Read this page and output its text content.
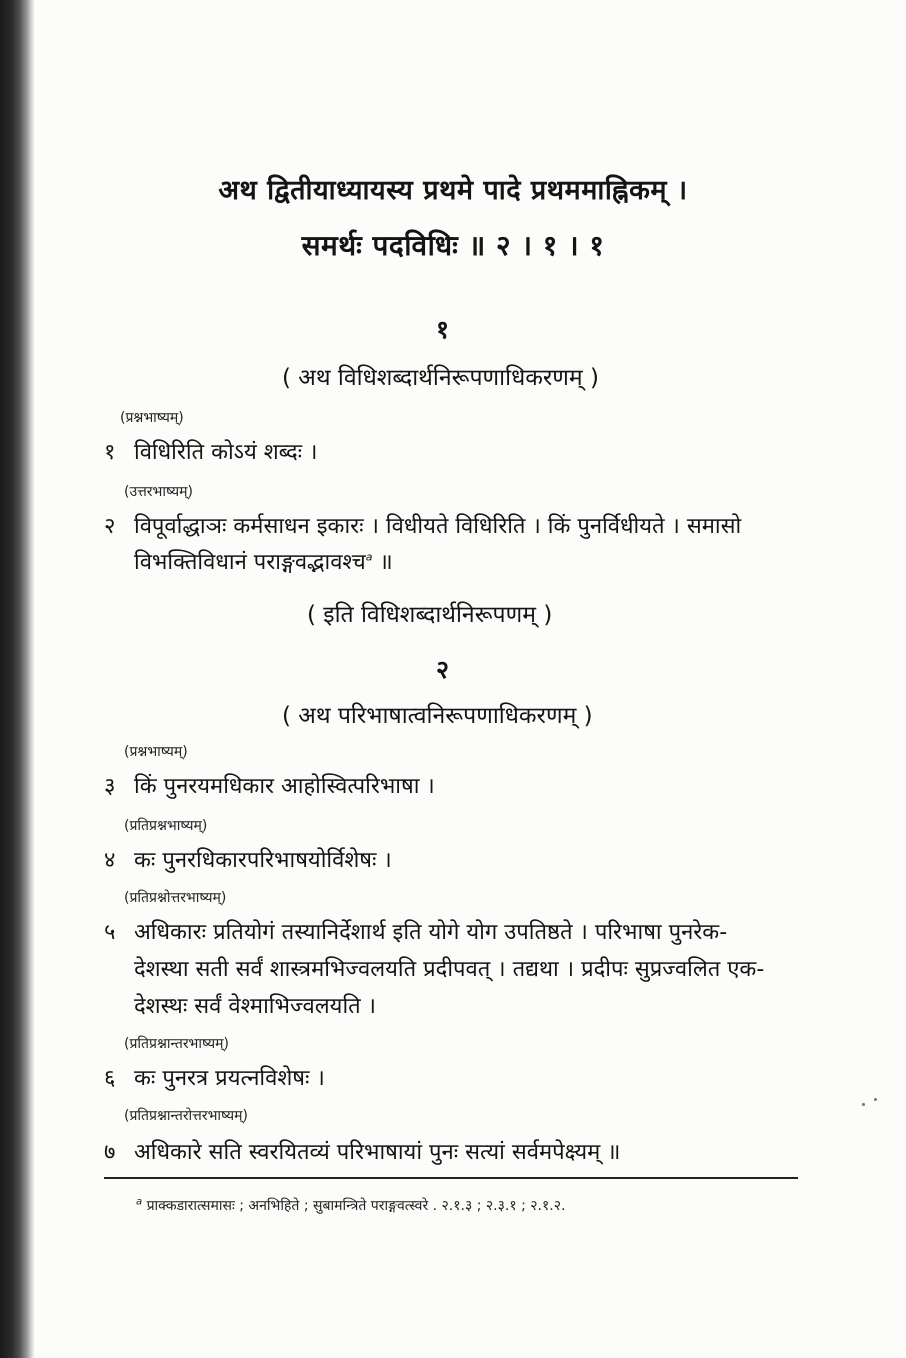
अथ द्वितीयाध्यायस्य प्रथमे पादे प्रथममाह्निकम् ।
समर्थः पदविधिः ॥ २ । १ । १
१
( अथ विधिशब्दार्थनिरूपणाधिकरणम् )
(प्रश्नभाष्यम्)
१ विधिरिति कोऽयं शब्दः ।
(उत्तरभाष्यम्)
२ विपूर्वाद्धाञः कर्मसाधन इकारः । विधीयते विधिरिति । किं पुनर्विधीयते । समासो
विभक्तिविधानं पराङ्गवद्भावश्च$^a$ ॥
( इति विधिशब्दार्थनिरूपणम् )
२
( अथ परिभाषात्वनिरूपणाधिकरणम् )
(प्रश्नभाष्यम्)
३ किं पुनरयमधिकार आहोस्वित्परिभाषा ।
(प्रतिप्रश्नभाष्यम्)
४ कः पुनरधिकारपरिभाषयोर्विशेषः ।
(प्रतिप्रश्नोत्तरभाष्यम्)
५ अधिकारः प्रतियोगं तस्यानिर्देशार्थ इति योगे योग उपतिष्ठते । परिभाषा पुनरेक-
देशस्था सती सर्वं शास्त्रमभिज्वलयति प्रदीपवत् । तद्यथा । प्रदीपः सुप्रज्वलित एक-
देशस्थः सर्वं वेश्माभिज्वलयति ।
(प्रतिप्रश्नान्तरभाष्यम्)
६ कः पुनरत्र प्रयत्नविशेषः ।
(प्रतिप्रश्नान्तरोत्तरभाष्यम्)
७ अधिकारे सति स्वरयितव्यं परिभाषायां पुनः सत्यां सर्वमपेक्ष्यम् ॥
$^a$ प्राक्कडारात्समासः ; अनभिहिते ; सुबामन्त्रिते पराङ्गवत्स्वरे . २.१.३ ; २.३.१ ; २.१.२.
